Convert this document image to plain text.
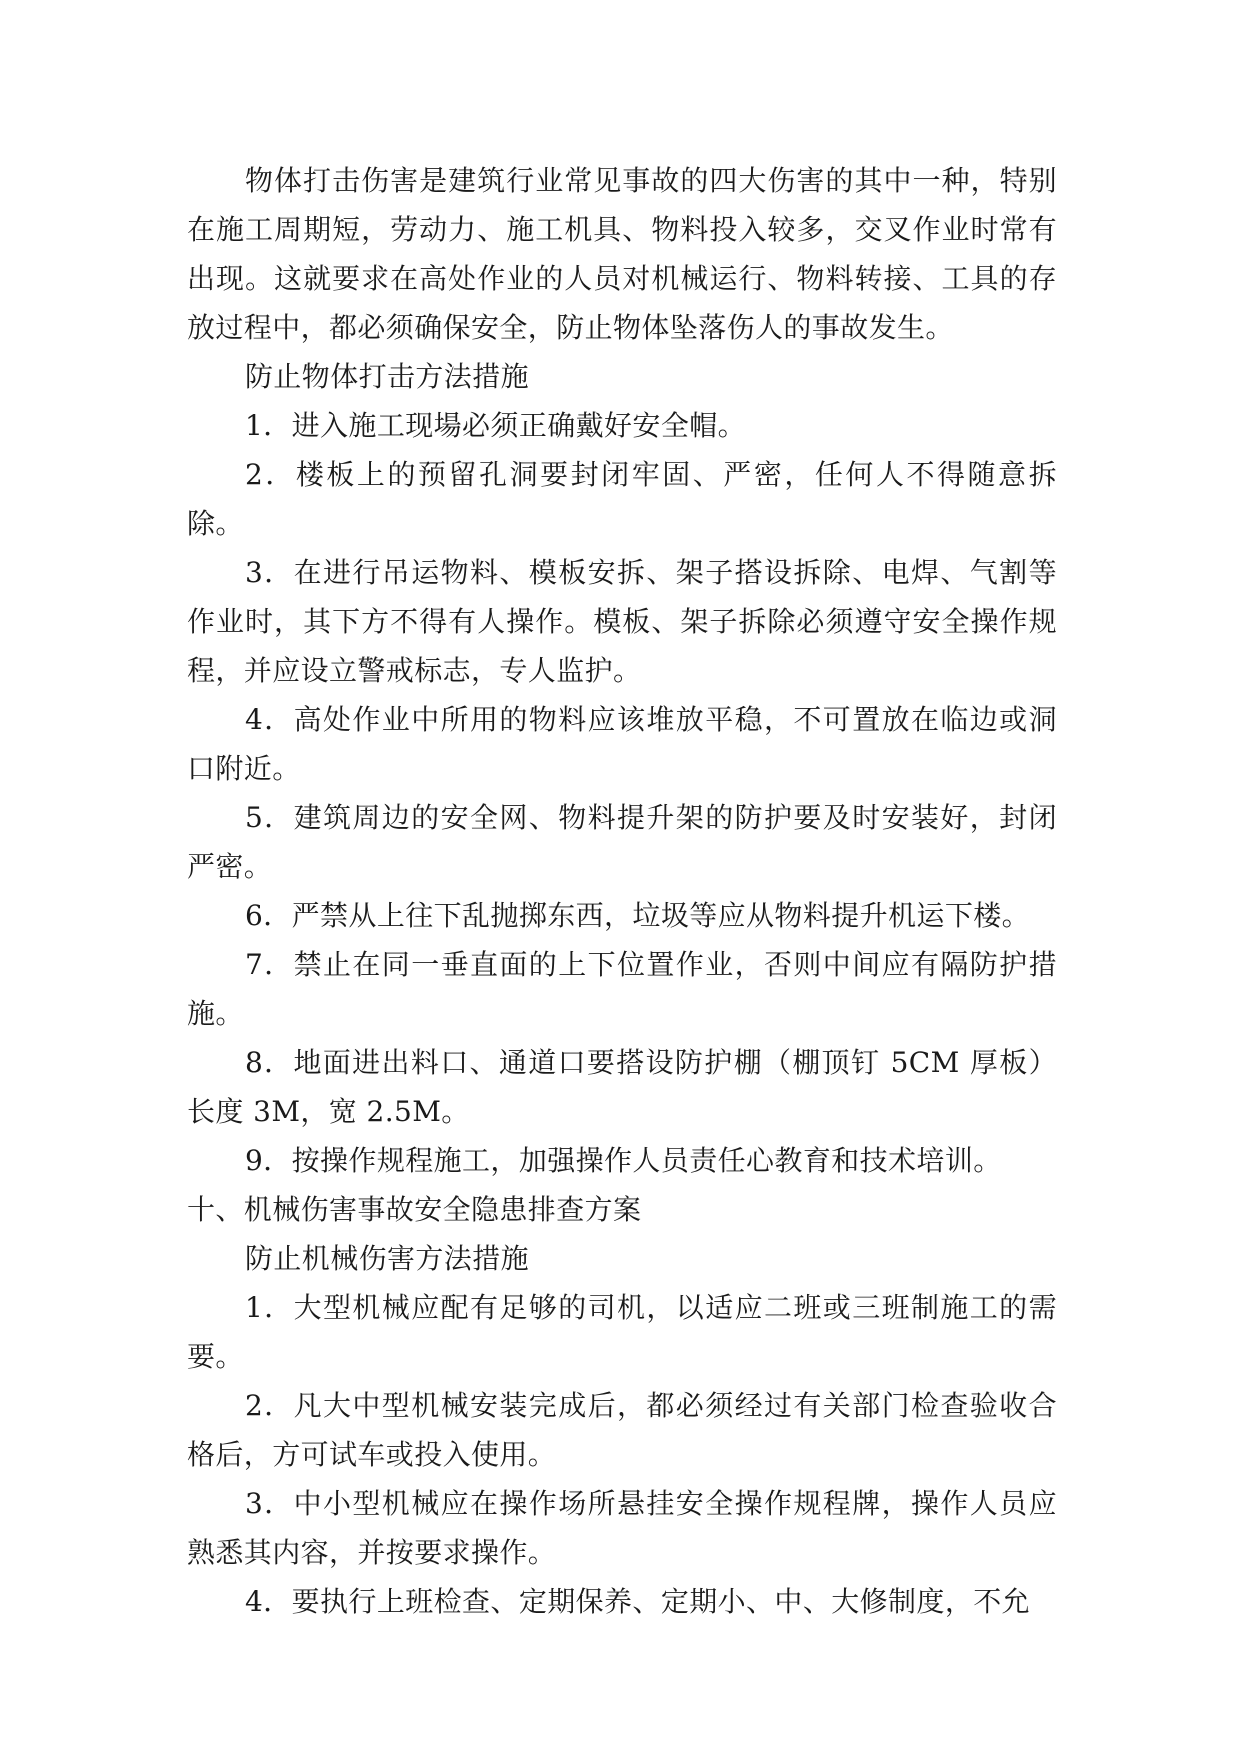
物体打击伤害是建筑行业常见事故的四大伤害的其中一种，特别在施工周期短，劳动力、施工机具、物料投入较多，交叉作业时常有出现。这就要求在高处作业的人员对机械运行、物料转接、工具的存放过程中，都必须确保安全，防止物体坠落伤人的事故发生。

防止物体打击方法措施

1．进入施工现場必须正确戴好安全帽。

2．楼板上的预留孔洞要封闭牢固、严密，任何人不得随意拆除。

3．在进行吊运物料、模板安拆、架子搭设拆除、电焊、气割等作业时，其下方不得有人操作。模板、架子拆除必须遵守安全操作规程，并应设立警戒标志，专人监护。

4．高处作业中所用的物料应该堆放平稳，不可置放在临边或洞口附近。

5．建筑周边的安全网、物料提升架的防护要及时安装好，封闭严密。

6．严禁从上往下乱抛掷东西，垃圾等应从物料提升机运下楼。

7．禁止在同一垂直面的上下位置作业，否则中间应有隔防护措施。

8．地面进出料口、通道口要搭设防护棚（棚顶钉 5CM 厚板）长度 3M，宽 2.5M。

9．按操作规程施工，加强操作人员责任心教育和技术培训。

十、机械伤害事故安全隐患排查方案

防止机械伤害方法措施

1．大型机械应配有足够的司机，以适应二班或三班制施工的需要。

2．凡大中型机械安装完成后，都必须经过有关部门检查验收合格后，方可试车或投入使用。

3．中小型机械应在操作场所悬挂安全操作规程牌，操作人员应熟悉其内容，并按要求操作。

4．要执行上班检查、定期保养、定期小、中、大修制度，不允
